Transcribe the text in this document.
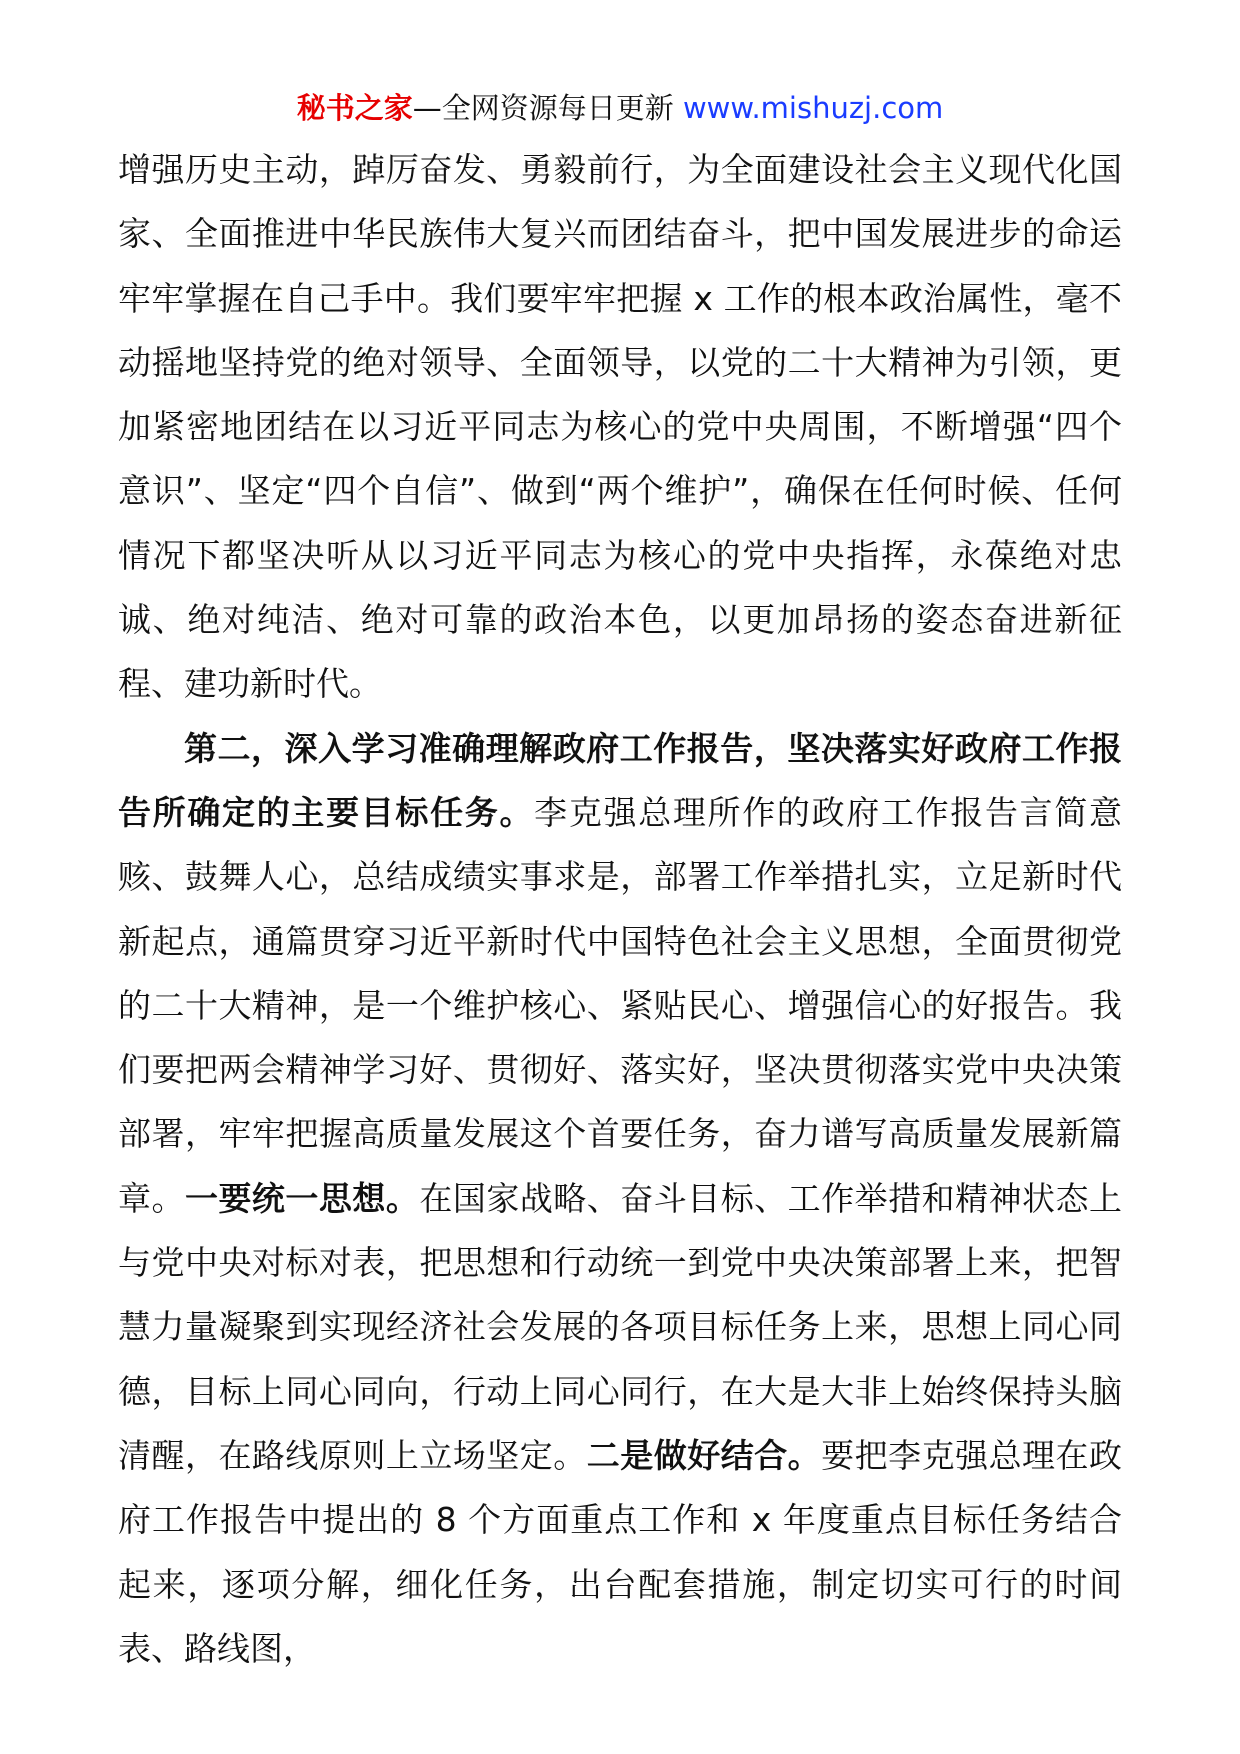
秘书之家—全网资源每日更新 www.mishuzj.com

增强历史主动，踔厉奋发、勇毅前行，为全面建设社会主义现代化国家、全面推进中华民族伟大复兴而团结奋斗，把中国发展进步的命运牢牢掌握在自己手中。我们要牢牢把握 x 工作的根本政治属性，毫不动摇地坚持党的绝对领导、全面领导，以党的二十大精神为引领，更加紧密地团结在以习近平同志为核心的党中央周围，不断增强“四个意识”、坚定“四个自信”、做到“两个维护”，确保在任何时候、任何情况下都坚决听从以习近平同志为核心的党中央指挥，永葆绝对忠诚、绝对纯洁、绝对可靠的政治本色，以更加昂扬的姿态奋进新征程、建功新时代。

第二，深入学习准确理解政府工作报告，坚决落实好政府工作报告所确定的主要目标任务。李克强总理所作的政府工作报告言简意赅、鼓舞人心，总结成绩实事求是，部署工作举措扎实，立足新时代新起点，通篇贯穿习近平新时代中国特色社会主义思想，全面贯彻党的二十大精神，是一个维护核心、紧贴民心、增强信心的好报告。我们要把两会精神学习好、贯彻好、落实好，坚决贯彻落实党中央决策部署，牢牢把握高质量发展这个首要任务，奋力谱写高质量发展新篇章。一要统一思想。在国家战略、奋斗目标、工作举措和精神状态上与党中央对标对表，把思想和行动统一到党中央决策部署上来，把智慧力量凝聚到实现经济社会发展的各项目标任务上来，思想上同心同德，目标上同心同向，行动上同心同行，在大是大非上始终保持头脑清醒，在路线原则上立场坚定。二是做好结合。要把李克强总理在政府工作报告中提出的 8 个方面重点工作和 x 年度重点目标任务结合起来，逐项分解，细化任务，出台配套措施，制定切实可行的时间表、路线图，
